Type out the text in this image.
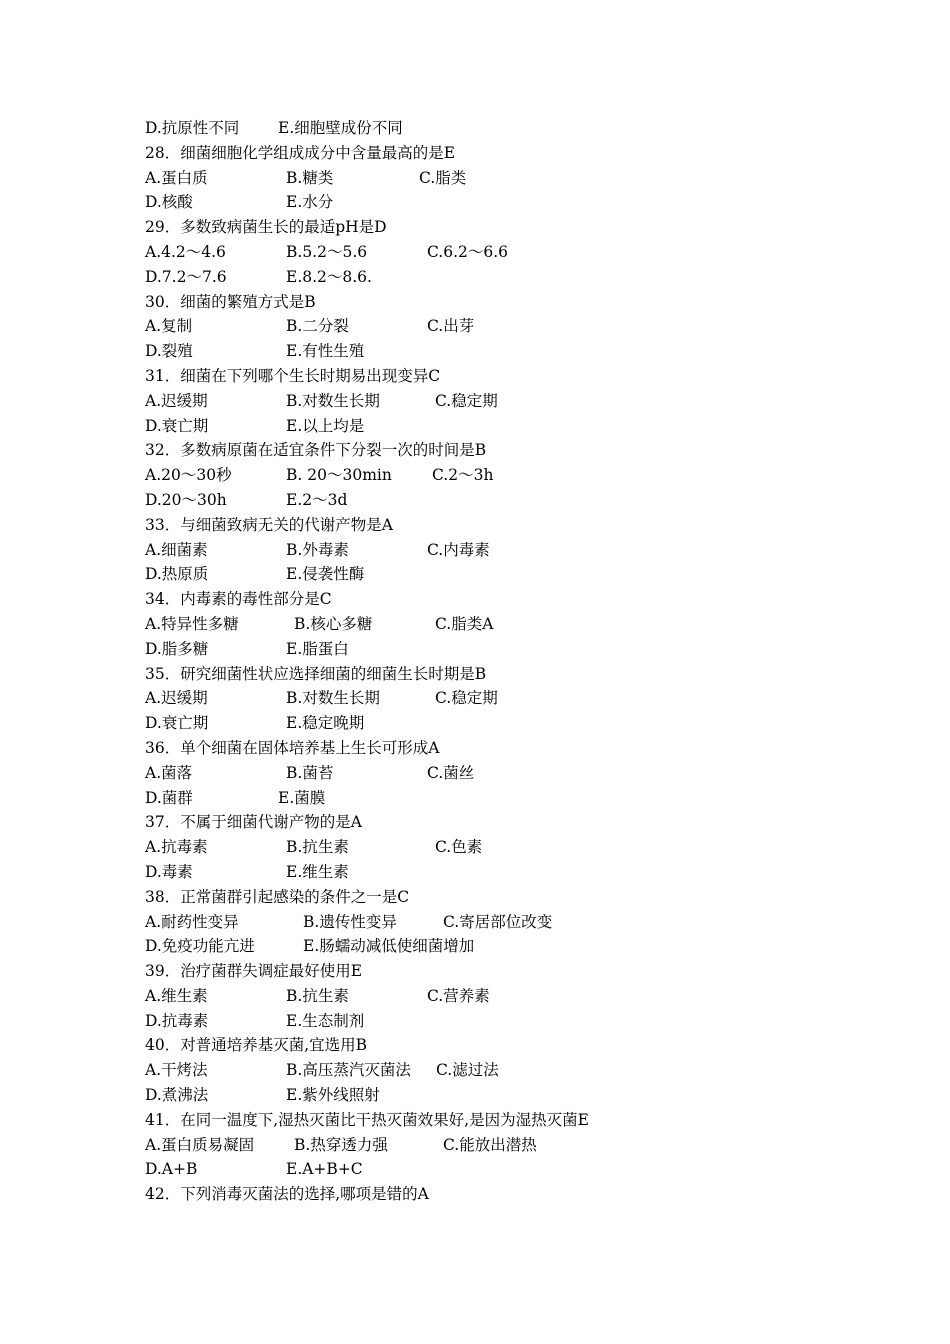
D.抗原性不同 E.细胞壁成份不同
28．细菌细胞化学组成成分中含量最高的是E
A.蛋白质	B.糖类	C.脂类
D.核酸	E.水分
29．多数致病菌生长的最适pH是D
A.4.2～4.6	B.5.2～5.6	C.6.2～6.6
D.7.2～7.6	E.8.2～8.6.
30．细菌的繁殖方式是B
A.复制	B.二分裂	C.出芽
D.裂殖	E.有性生殖
31．细菌在下列哪个生长时期易出现变异C
A.迟缓期	B.对数生长期	C.稳定期
D.衰亡期	E.以上均是
32．多数病原菌在适宜条件下分裂一次的时间是B
A.20～30秒	B. 20～30min	C.2～3h
D.20～30h	E.2～3d
33．与细菌致病无关的代谢产物是A
A.细菌素	B.外毒素	C.内毒素
D.热原质	E.侵袭性酶
34．内毒素的毒性部分是C
A.特异性多糖	B.核心多糖	C.脂类A
D.脂多糖	E.脂蛋白
35．研究细菌性状应选择细菌的细菌生长时期是B
A.迟缓期	B.对数生长期	C.稳定期
D.衰亡期	E.稳定晚期
36．单个细菌在固体培养基上生长可形成A
A.菌落	B.菌苔	C.菌丝
D.菌群	E.菌膜
37．不属于细菌代谢产物的是A
A.抗毒素	B.抗生素	C.色素
D.毒素	E.维生素
38．正常菌群引起感染的条件之一是C
A.耐药性变异	B.遗传性变异	C.寄居部位改变
D.免疫功能亢进	E.肠蠕动减低使细菌增加
39．治疗菌群失调症最好使用E
A.维生素	B.抗生素	C.营养素
D.抗毒素	E.生态制剂
40．对普通培养基灭菌,宜选用B
A.干烤法	B.高压蒸汽灭菌法 C.滤过法
D.煮沸法	E.紫外线照射
41．在同一温度下,湿热灭菌比干热灭菌效果好,是因为湿热灭菌E
A.蛋白质易凝固	B.热穿透力强	C.能放出潜热
D.A+B	E.A+B+C
42．下列消毒灭菌法的选择,哪项是错的A
